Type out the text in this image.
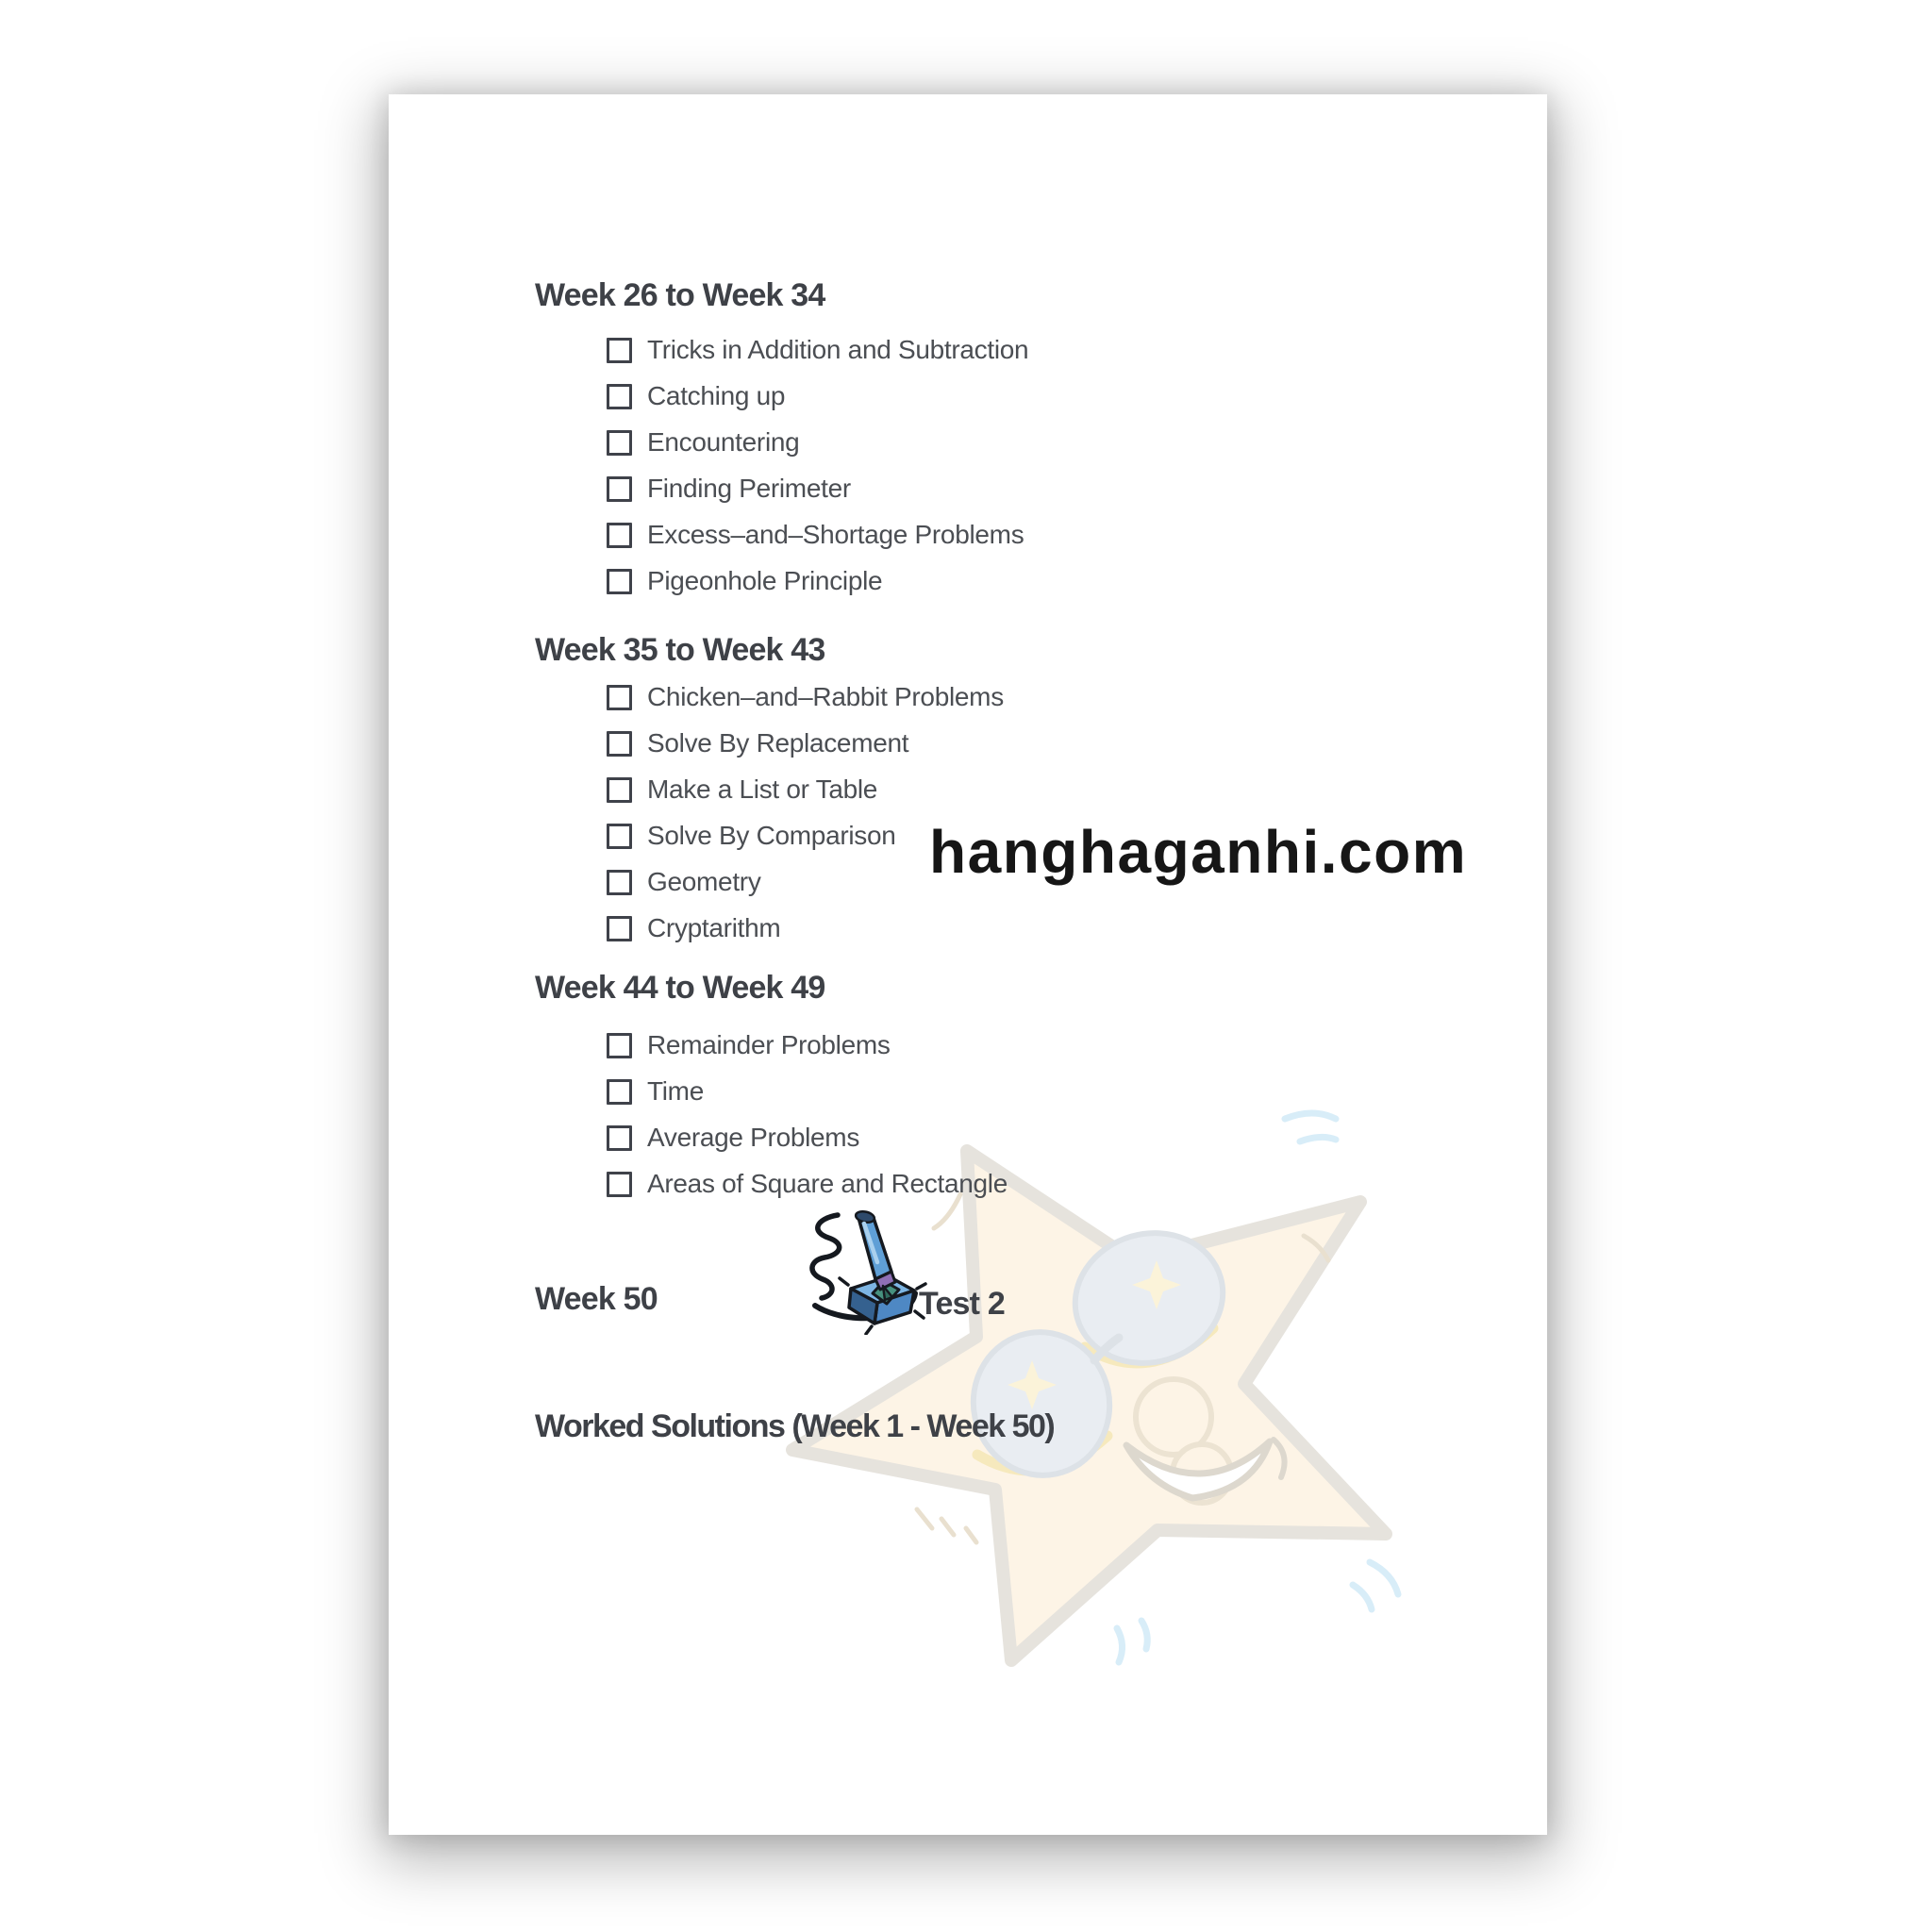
Week 26 to Week 34
Tricks in Addition and Subtraction
Catching up
Encountering
Finding Perimeter
Excess–and–Shortage Problems
Pigeonhole Principle
Week 35 to Week 43
Chicken–and–Rabbit Problems
Solve By Replacement
Make a List or Table
Solve By Comparison
Geometry
Cryptarithm
Week 44 to Week 49
Remainder Problems
Time
Average Problems
Areas of Square and Rectangle
Week 50	Test 2
Worked Solutions (Week 1 - Week 50)
hanghaganhi.com
